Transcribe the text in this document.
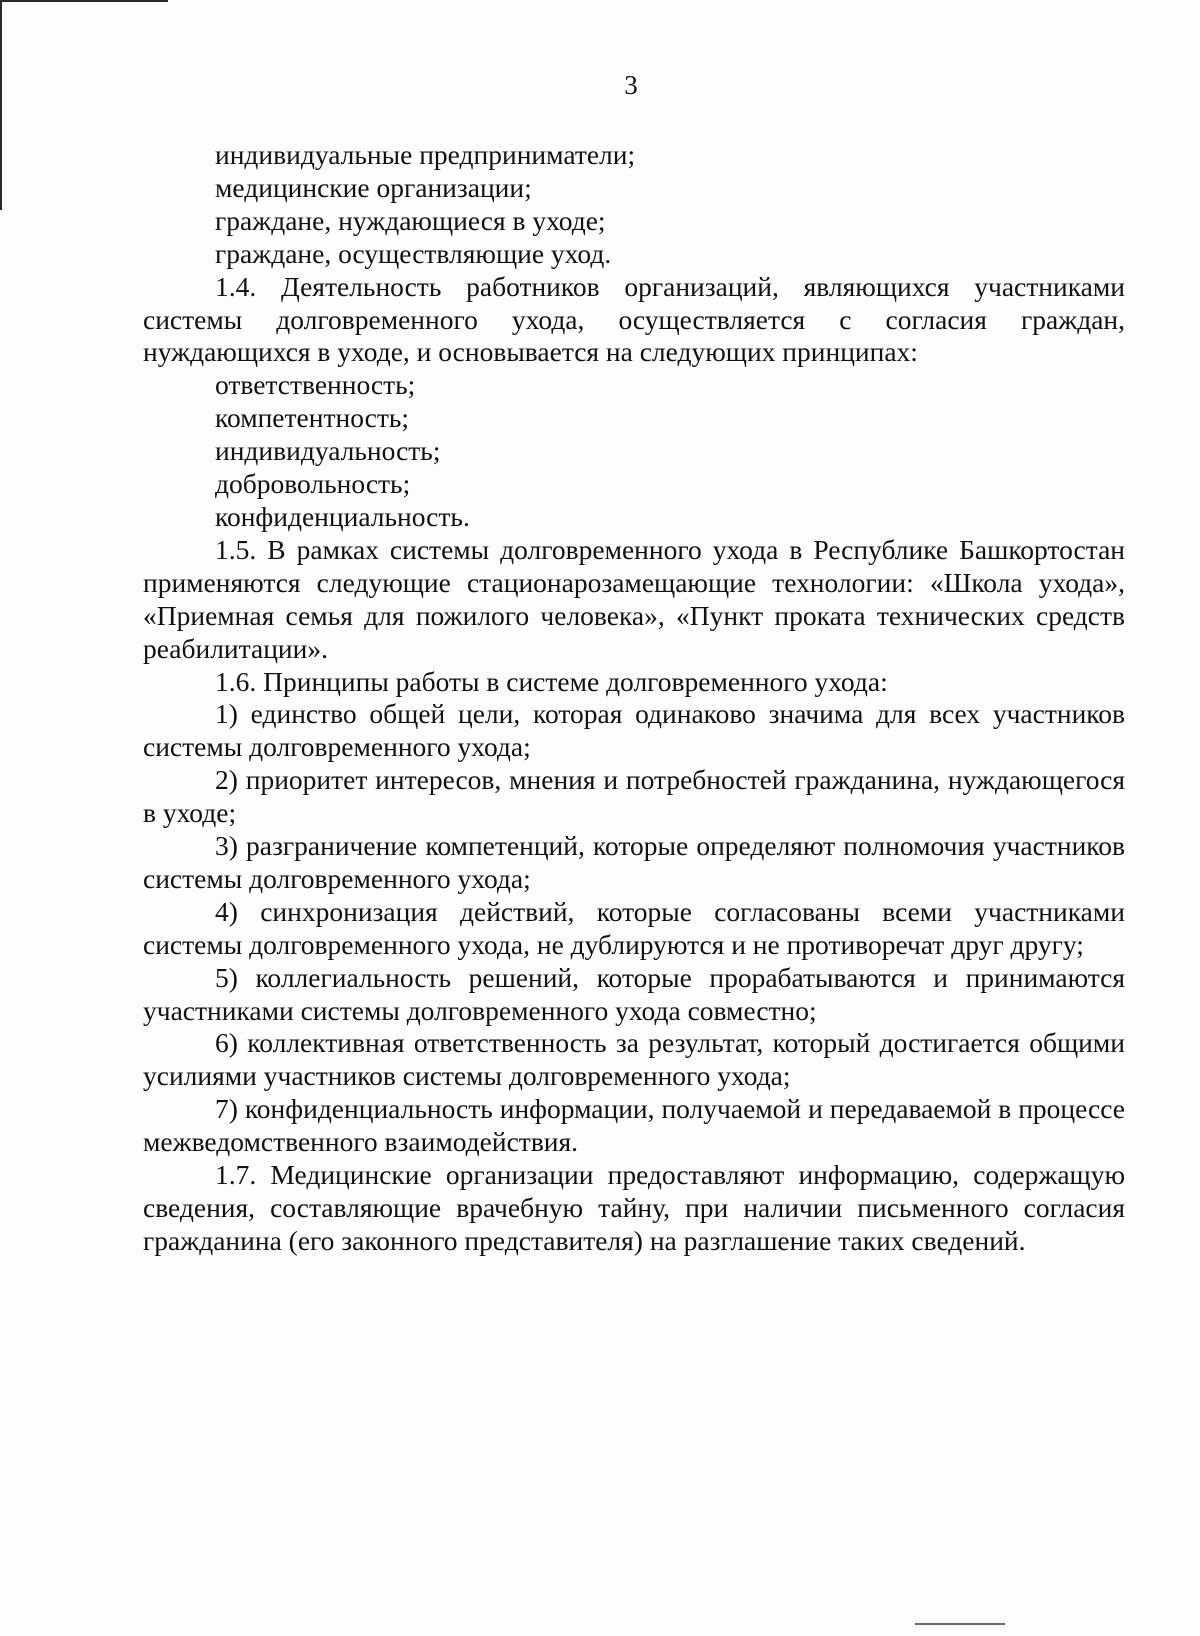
3

индивидуальные предприниматели;

медицинские организации;

граждане, нуждающиеся в уходе;

граждане, осуществляющие уход.

1.4. Деятельность работников организаций, являющихся участниками системы долговременного ухода, осуществляется с согласия граждан, нуждающихся в уходе, и основывается на следующих принципах:

ответственность;

компетентность;

индивидуальность;

добровольность;

конфиденциальность.

1.5. В рамках системы долговременного ухода в Республике Башкортостан применяются следующие стационарозамещающие технологии: «Школа ухода», «Приемная семья для пожилого человека», «Пункт проката технических средств реабилитации».

1.6. Принципы работы в системе долговременного ухода:

1) единство общей цели, которая одинаково значима для всех участников системы долговременного ухода;

2) приоритет интересов, мнения и потребностей гражданина, нуждающегося в уходе;

3) разграничение компетенций, которые определяют полномочия участников системы долговременного ухода;

4) синхронизация действий, которые согласованы всеми участниками системы долговременного ухода, не дублируются и не противоречат друг другу;

5) коллегиальность решений, которые прорабатываются и принимаются участниками системы долговременного ухода совместно;

6) коллективная ответственность за результат, который достигается общими усилиями участников системы долговременного ухода;

7) конфиденциальность информации, получаемой и передаваемой в процессе межведомственного взаимодействия.

1.7. Медицинские организации предоставляют информацию, содержащую сведения, составляющие врачебную тайну, при наличии письменного согласия гражданина (его законного представителя) на разглашение таких сведений.
